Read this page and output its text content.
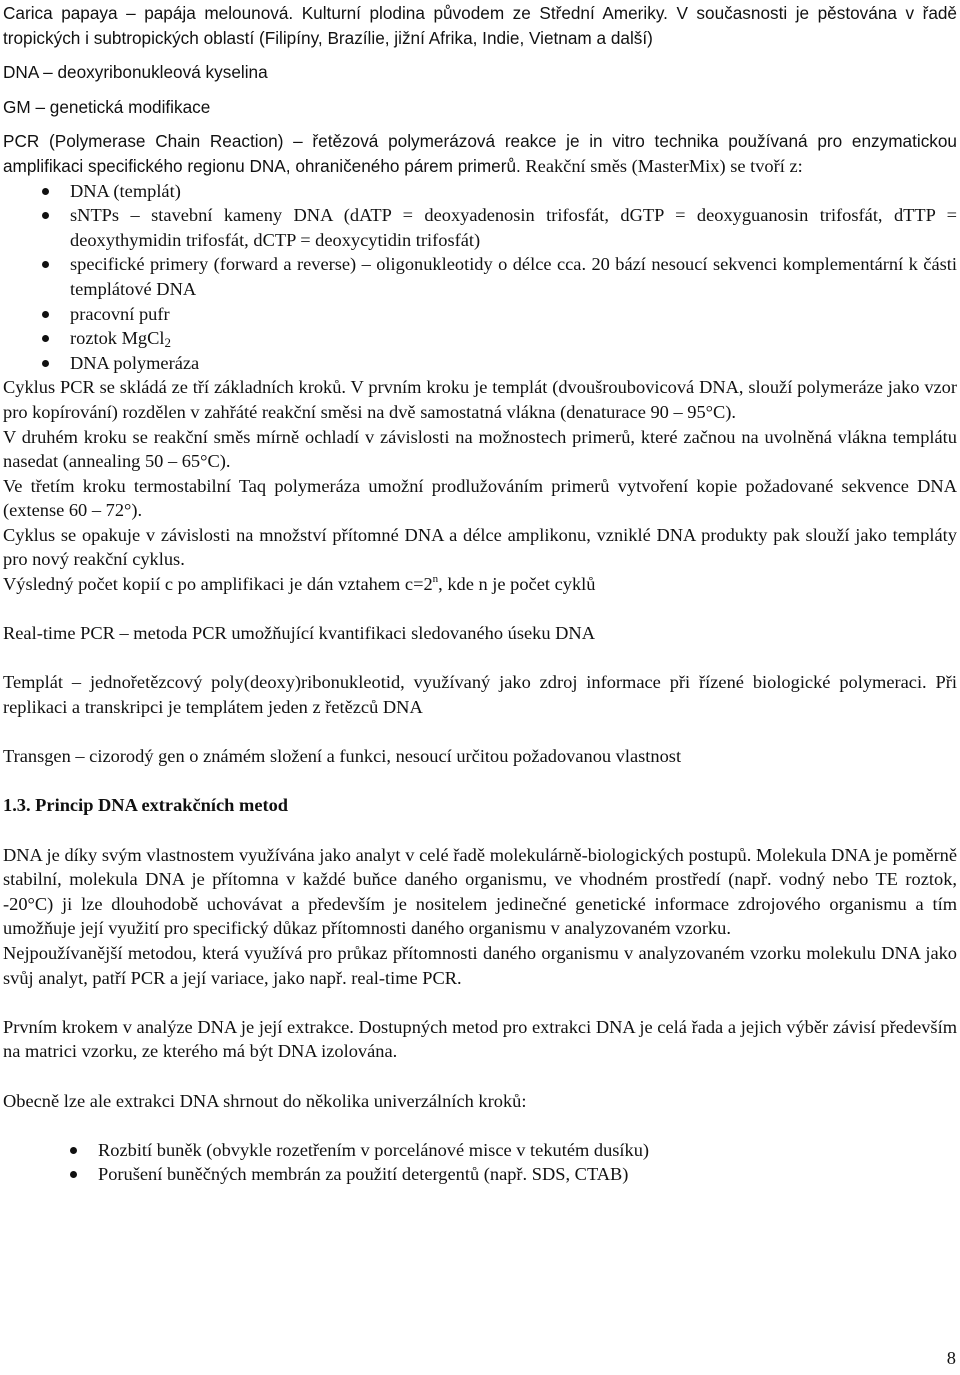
Carica papaya – papája melounová. Kulturní plodina původem ze Střední Ameriky. V současnosti je pěstována v řadě tropických i subtropických oblastí (Filipíny, Brazílie, jižní Afrika, Indie, Vietnam a další)

DNA – deoxyribonukleová kyselina

GM – genetická modifikace

PCR (Polymerase Chain Reaction) – řetězová polymerázová reakce je in vitro technika používaná pro enzymatickou amplifikaci specifického regionu DNA, ohraničeného párem primerů. Reakční směs (MasterMix) se tvoří z:

DNA (templát)
sNTPs – stavební kameny DNA (dATP = deoxyadenosin trifosfát, dGTP = deoxyguanosin trifosfát, dTTP = deoxythymidin trifosfát, dCTP = deoxycytidin trifosfát)
specifické primery (forward a reverse) – oligonukleotidy o délce cca. 20 bází nesoucí sekvenci komplementární k části templátové DNA
pracovní pufr
roztok MgCl$_2$
DNA polymeráza

Cyklus PCR se skládá ze tří základních kroků. V prvním kroku je templát (dvoušroubovicová DNA, slouží polymeráze jako vzor pro kopírování) rozdělen v zahřáté reakční směsi na dvě samostatná vlákna (denaturace 90 – 95°C).

V druhém kroku se reakční směs mírně ochladí v závislosti na možnostech primerů, které začnou na uvolněná vlákna templátu nasedat (annealing 50 – 65°C).

Ve třetím kroku termostabilní Taq polymeráza umožní prodlužováním primerů vytvoření kopie požadované sekvence DNA (extense 60 – 72°).

Cyklus se opakuje v závislosti na množství přítomné DNA a délce amplikonu, vzniklé DNA produkty pak slouží jako templáty pro nový reakční cyklus.

Výsledný počet kopií c po amplifikaci je dán vztahem $c=2^n$, kde n je počet cyklů

Real-time PCR – metoda PCR umožňující kvantifikaci sledovaného úseku DNA

Templát – jednořetězcový poly(deoxy)ribonukleotid, využívaný jako zdroj informace při řízené biologické polymeraci. Při replikaci a transkripci je templátem jeden z řetězců DNA

Transgen – cizorodý gen o známém složení a funkci, nesoucí určitou požadovanou vlastnost

1.3. Princip DNA extrakčních metod

DNA je díky svým vlastnostem využívána jako analyt v celé řadě molekulárně-biologických postupů. Molekula DNA je poměrně stabilní, molekula DNA je přítomna v každé buňce daného organismu, ve vhodném prostředí (např. vodný nebo TE roztok, -20°C) ji lze dlouhodobě uchovávat a především je nositelem jedinečné genetické informace zdrojového organismu a tím umožňuje její využití pro specifický důkaz přítomnosti daného organismu v analyzovaném vzorku.

Nejpoužívanější metodou, která využívá pro průkaz přítomnosti daného organismu v analyzovaném vzorku molekulu DNA jako svůj analyt, patří PCR a její variace, jako např. real-time PCR.

Prvním krokem v analýze DNA je její extrakce. Dostupných metod pro extrakci DNA je celá řada a jejich výběr závisí především na matrici vzorku, ze kterého má být DNA izolována.

Obecně lze ale extrakci DNA shrnout do několika univerzálních kroků:

Rozbití buněk (obvykle rozetřením v porcelánové misce v tekutém dusíku)
Porušení buněčných membrán za použití detergentů (např. SDS, CTAB)
8
